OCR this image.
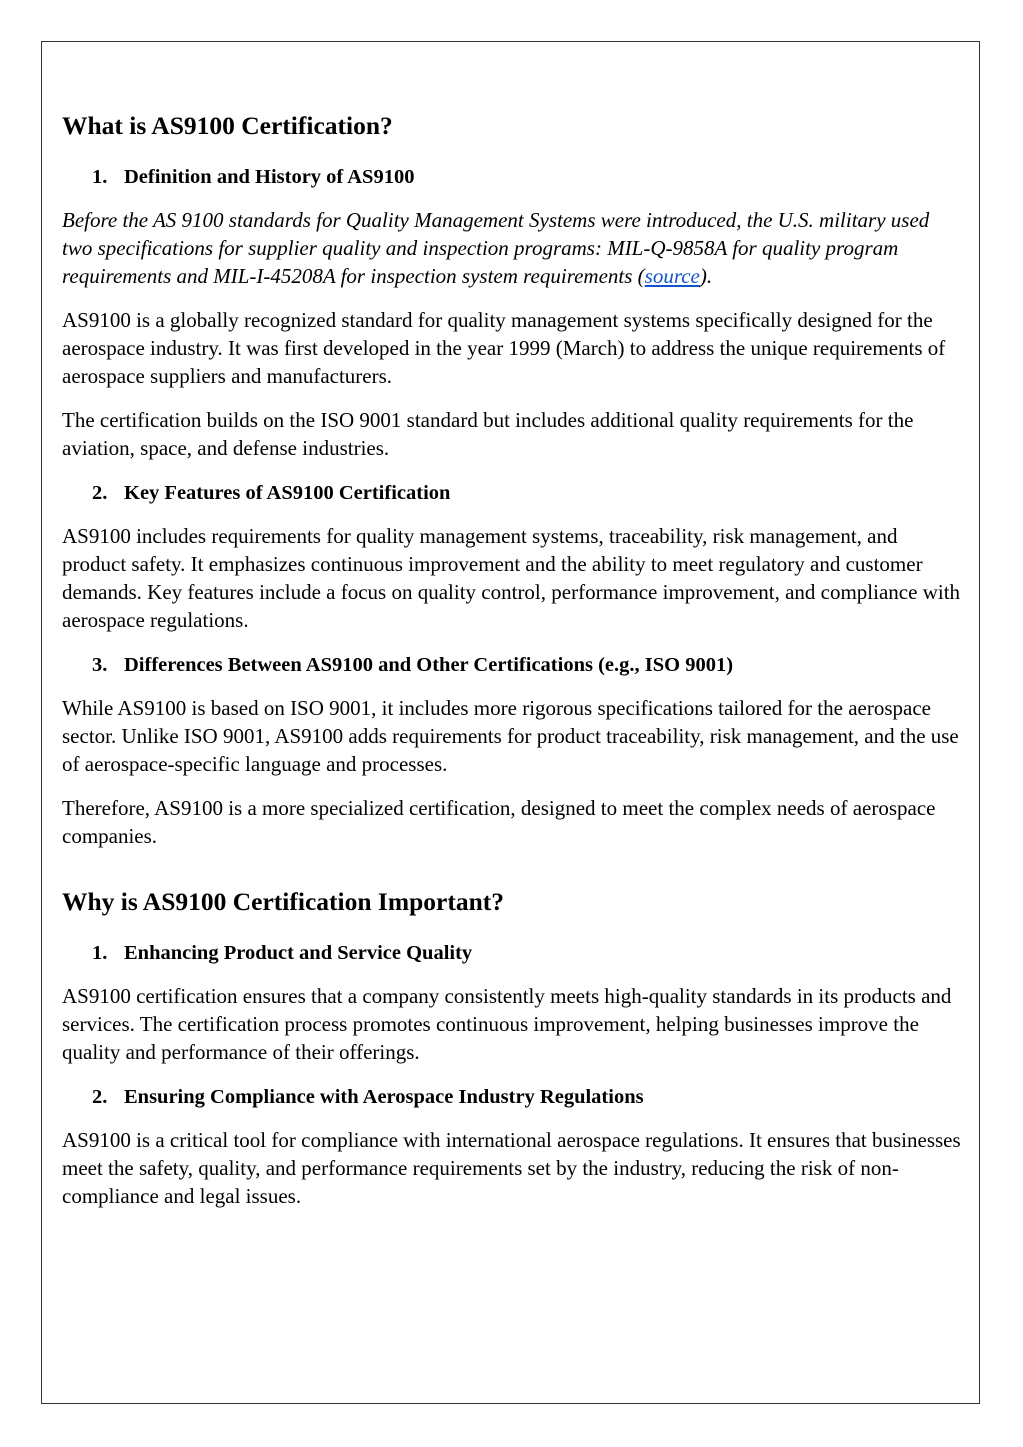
What is AS9100 Certification?
1. Definition and History of AS9100

Before the AS 9100 standards for Quality Management Systems were introduced, the U.S. military used two specifications for supplier quality and inspection programs: MIL-Q-9858A for quality program requirements and MIL-I-45208A for inspection system requirements (source).

AS9100 is a globally recognized standard for quality management systems specifically designed for the aerospace industry. It was first developed in the year 1999 (March) to address the unique requirements of aerospace suppliers and manufacturers.

The certification builds on the ISO 9001 standard but includes additional quality requirements for the aviation, space, and defense industries.

2. Key Features of AS9100 Certification

AS9100 includes requirements for quality management systems, traceability, risk management, and product safety. It emphasizes continuous improvement and the ability to meet regulatory and customer demands. Key features include a focus on quality control, performance improvement, and compliance with aerospace regulations.

3. Differences Between AS9100 and Other Certifications (e.g., ISO 9001)

While AS9100 is based on ISO 9001, it includes more rigorous specifications tailored for the aerospace sector. Unlike ISO 9001, AS9100 adds requirements for product traceability, risk management, and the use of aerospace-specific language and processes.

Therefore, AS9100 is a more specialized certification, designed to meet the complex needs of aerospace companies.

Why is AS9100 Certification Important?
1. Enhancing Product and Service Quality

AS9100 certification ensures that a company consistently meets high-quality standards in its products and services. The certification process promotes continuous improvement, helping businesses improve the quality and performance of their offerings.

2. Ensuring Compliance with Aerospace Industry Regulations

AS9100 is a critical tool for compliance with international aerospace regulations. It ensures that businesses meet the safety, quality, and performance requirements set by the industry, reducing the risk of non-compliance and legal issues.
